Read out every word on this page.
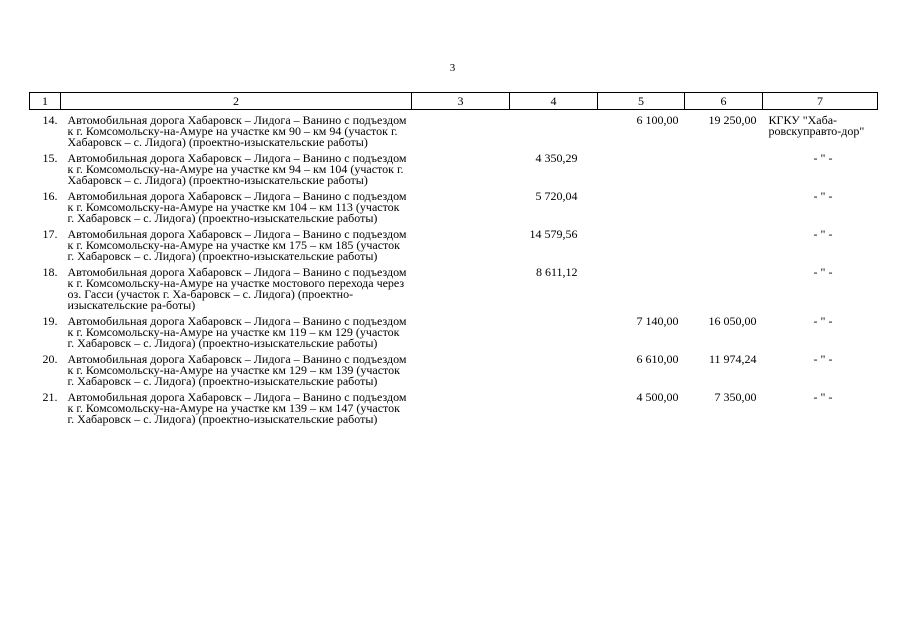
3
1	2	3	4	5	6	7
14.	Автомобильная дорога Хабаровск – Лидога – Ванино с подъездом к г. Комсомольску-на-Амуре на участке км 90 – км 94 (участок г. Хабаровск – с. Лидога) (проектно-изыскательские работы)			6 100,00	19 250,00	КГКУ "Хаба-ровскуправто-дор"
15.	Автомобильная дорога Хабаровск – Лидога – Ванино с подъездом к г. Комсомольску-на-Амуре на участке км 94 – км 104 (участок г. Хабаровск – с. Лидога) (проектно-изыскательские работы)		4 350,29			- " -
16.	Автомобильная дорога Хабаровск – Лидога – Ванино с подъездом к г. Комсомольску-на-Амуре на участке км 104 – км 113 (участок г. Хабаровск – с. Лидога) (проектно-изыскательские работы)		5 720,04			- " -
17.	Автомобильная дорога Хабаровск – Лидога – Ванино с подъездом к г. Комсомольску-на-Амуре на участке км 175 – км 185 (участок г. Хабаровск – с. Лидога) (проектно-изыскательские работы)		14 579,56			- " -
18.	Автомобильная дорога Хабаровск – Лидога – Ванино с подъездом к г. Комсомольску-на-Амуре на участке мостового перехода через оз. Гасси (участок г. Ха-баровск – с. Лидога) (проектно-изыскательские ра-боты)		8 611,12			- " -
19.	Автомобильная дорога Хабаровск – Лидога – Ванино с подъездом к г. Комсомольску-на-Амуре на участке км 119 – км 129 (участок г. Хабаровск – с. Лидога) (проектно-изыскательские работы)			7 140,00	16 050,00	- " -
20.	Автомобильная дорога Хабаровск – Лидога – Ванино с подъездом к г. Комсомольску-на-Амуре на участке км 129 – км 139 (участок г. Хабаровск – с. Лидога) (проектно-изыскательские работы)			6 610,00	11 974,24	- " -
21.	Автомобильная дорога Хабаровск – Лидога – Ванино с подъездом к г. Комсомольску-на-Амуре на участке км 139 – км 147 (участок г. Хабаровск – с. Лидога) (проектно-изыскательские работы)			4 500,00	7 350,00	- " -
